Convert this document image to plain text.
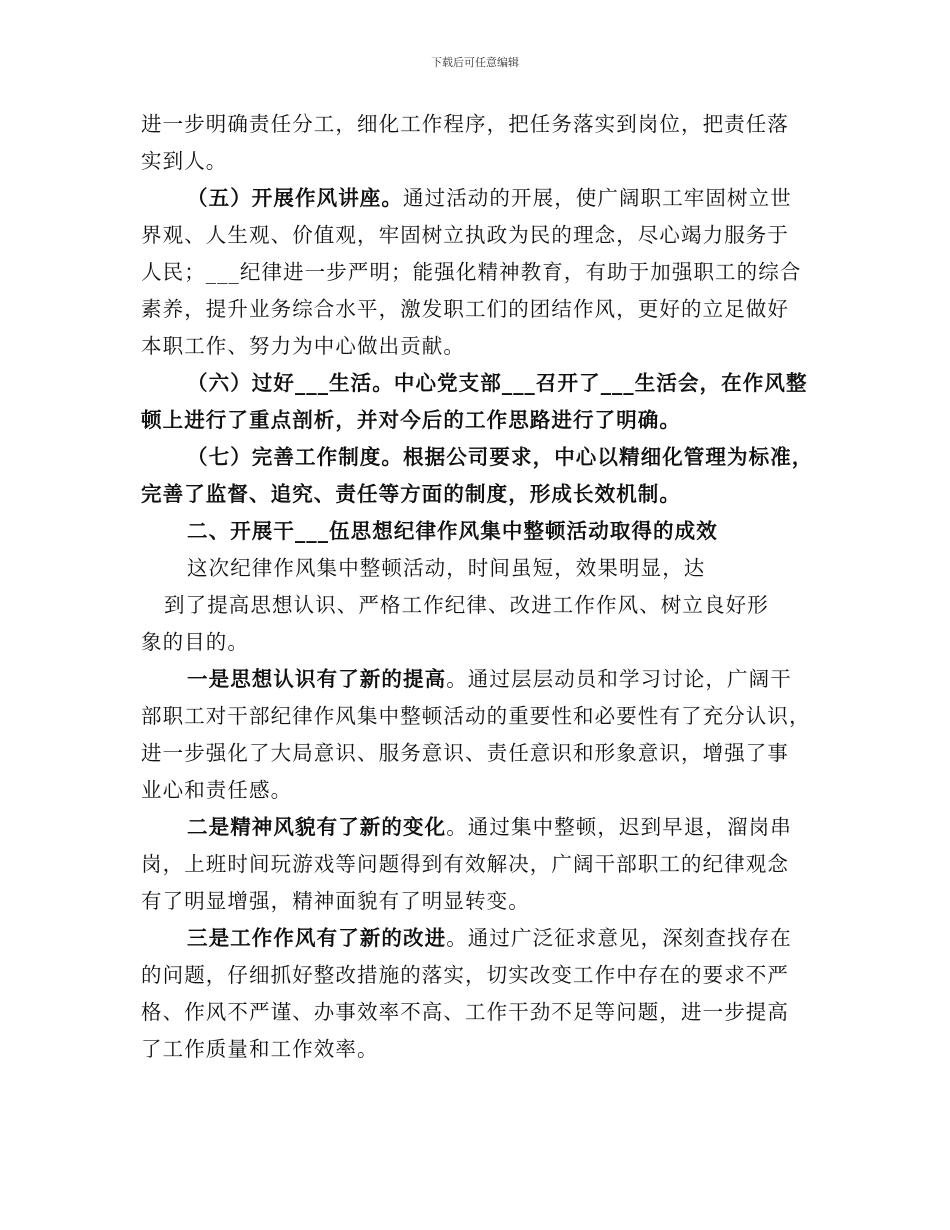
下载后可任意编辑

进一步明确责任分工，细化工作程序，把任务落实到岗位，把责任落
实到人。

（五）开展作风讲座。通过活动的开展，使广阔职工牢固树立世
界观、人生观、价值观，牢固树立执政为民的理念，尽心竭力服务于
人民；___纪律进一步严明；能强化精神教育，有助于加强职工的综合
素养，提升业务综合水平，激发职工们的团结作风，更好的立足做好
本职工作、努力为中心做出贡献。

（六）过好___生活。中心党支部___召开了___生活会，在作风整
顿上进行了重点剖析，并对今后的工作思路进行了明确。

（七）完善工作制度。根据公司要求，中心以精细化管理为标准，
完善了监督、追究、责任等方面的制度，形成长效机制。

二、开展干___伍思想纪律作风集中整顿活动取得的成效

这次纪律作风集中整顿活动，时间虽短，效果明显，达

到了提高思想认识、严格工作纪律、改进工作作风、树立良好形
象的目的。

一是思想认识有了新的提高。通过层层动员和学习讨论，广阔干
部职工对干部纪律作风集中整顿活动的重要性和必要性有了充分认识，
进一步强化了大局意识、服务意识、责任意识和形象意识，增强了事
业心和责任感。

二是精神风貌有了新的变化。通过集中整顿，迟到早退，溜岗串
岗，上班时间玩游戏等问题得到有效解决，广阔干部职工的纪律观念
有了明显增强，精神面貌有了明显转变。

三是工作作风有了新的改进。通过广泛征求意见，深刻查找存在
的问题，仔细抓好整改措施的落实，切实改变工作中存在的要求不严
格、作风不严谨、办事效率不高、工作干劲不足等问题，进一步提高
了工作质量和工作效率。
